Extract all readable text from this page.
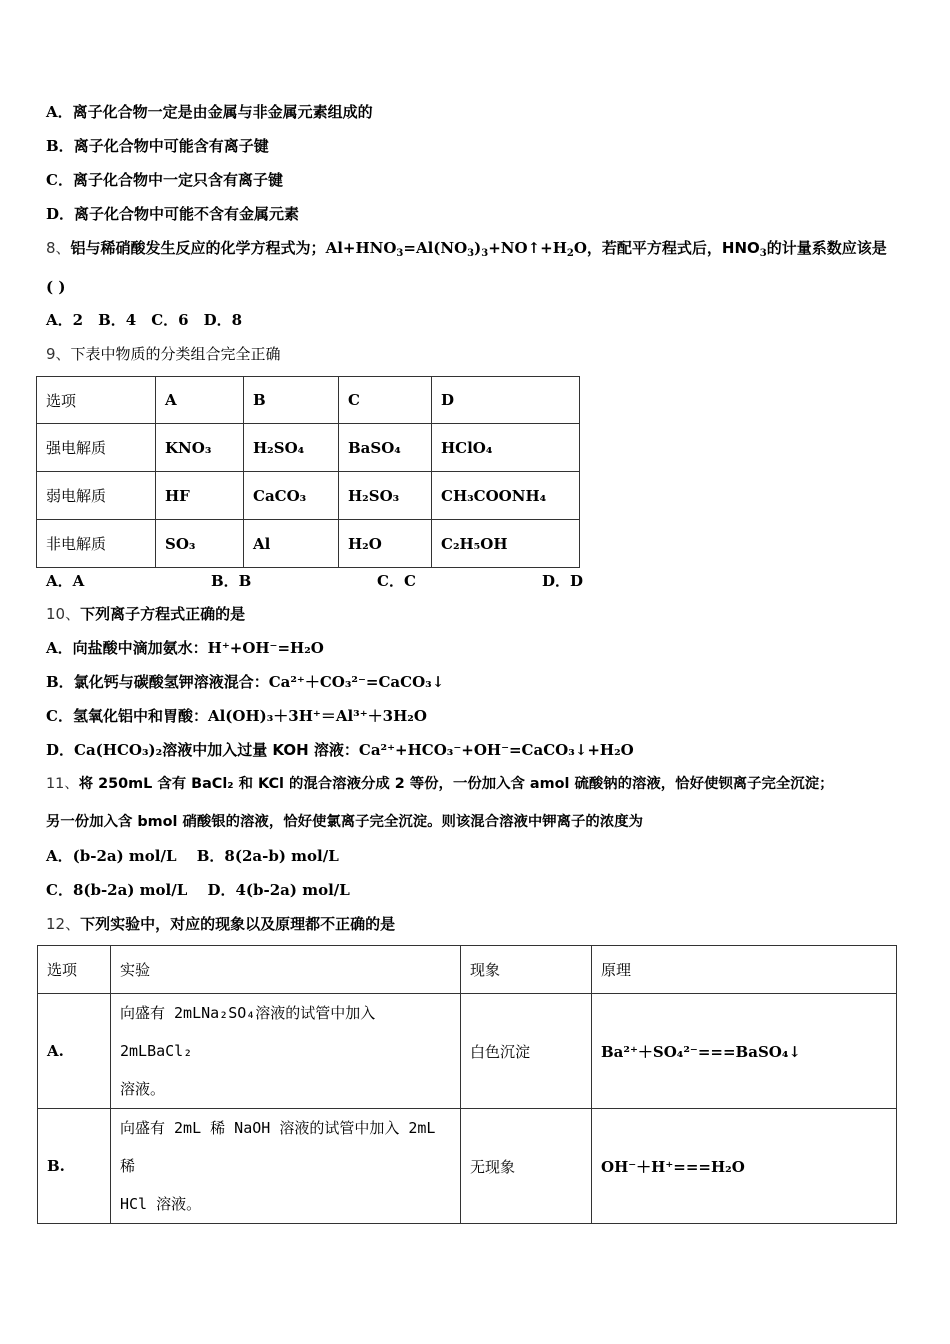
A．离子化合物一定是由金属与非金属元素组成的
B．离子化合物中可能含有离子键
C．离子化合物中一定只含有离子键
D．离子化合物中可能不含有金属元素
8、铝与稀硝酸发生反应的化学方程式为；$Al+HNO_3=Al(NO_3)_3+NO↑+H_2O$，若配平方程式后，$HNO_3$的计量系数应该是
( )
A．2　B．4　C．6　D．8
9、下表中物质的分类组合完全正确
选项	A	B	C	D
强电解质	KNO₃	H₂SO₄	BaSO₄	HClO₄
弱电解质	HF	CaCO₃	H₂SO₃	CH₃COONH₄
非电解质	SO₃	Al	H₂O	C₂H₅OH
A．A	B．B	C．C	D．D
10、下列离子方程式正确的是
A．向盐酸中滴加氨水：H⁺+OH⁻=H₂O
B．氯化钙与碳酸氢钾溶液混合：Ca²⁺＋CO₃²⁻=CaCO₃↓
C．氢氧化铝中和胃酸：Al(OH)₃＋3H⁺＝Al³⁺＋3H₂O
D．Ca(HCO₃)₂溶液中加入过量 KOH 溶液：Ca²⁺+HCO₃⁻+OH⁻=CaCO₃↓+H₂O
11、将 250mL 含有 BaCl₂ 和 KCl 的混合溶液分成 2 等份，一份加入含 amol 硫酸钠的溶液，恰好使钡离子完全沉淀；
另一份加入含 bmol 硝酸银的溶液，恰好使氯离子完全沉淀。则该混合溶液中钾离子的浓度为
A．(b-2a) mol/L　 B．8(2a-b) mol/L
C．8(b-2a) mol/L　 D．4(b-2a) mol/L
12、下列实验中，对应的现象以及原理都不正确的是
选项	实验	现象	原理
A.	向盛有 2mLNa₂SO₄溶液的试管中加入 2mLBaCl₂
溶液。	白色沉淀	Ba²⁺＋SO₄²⁻===BaSO₄↓
B.	向盛有 2mL 稀 NaOH 溶液的试管中加入 2mL 稀
HCl 溶液。	无现象	OH⁻＋H⁺===H₂O
